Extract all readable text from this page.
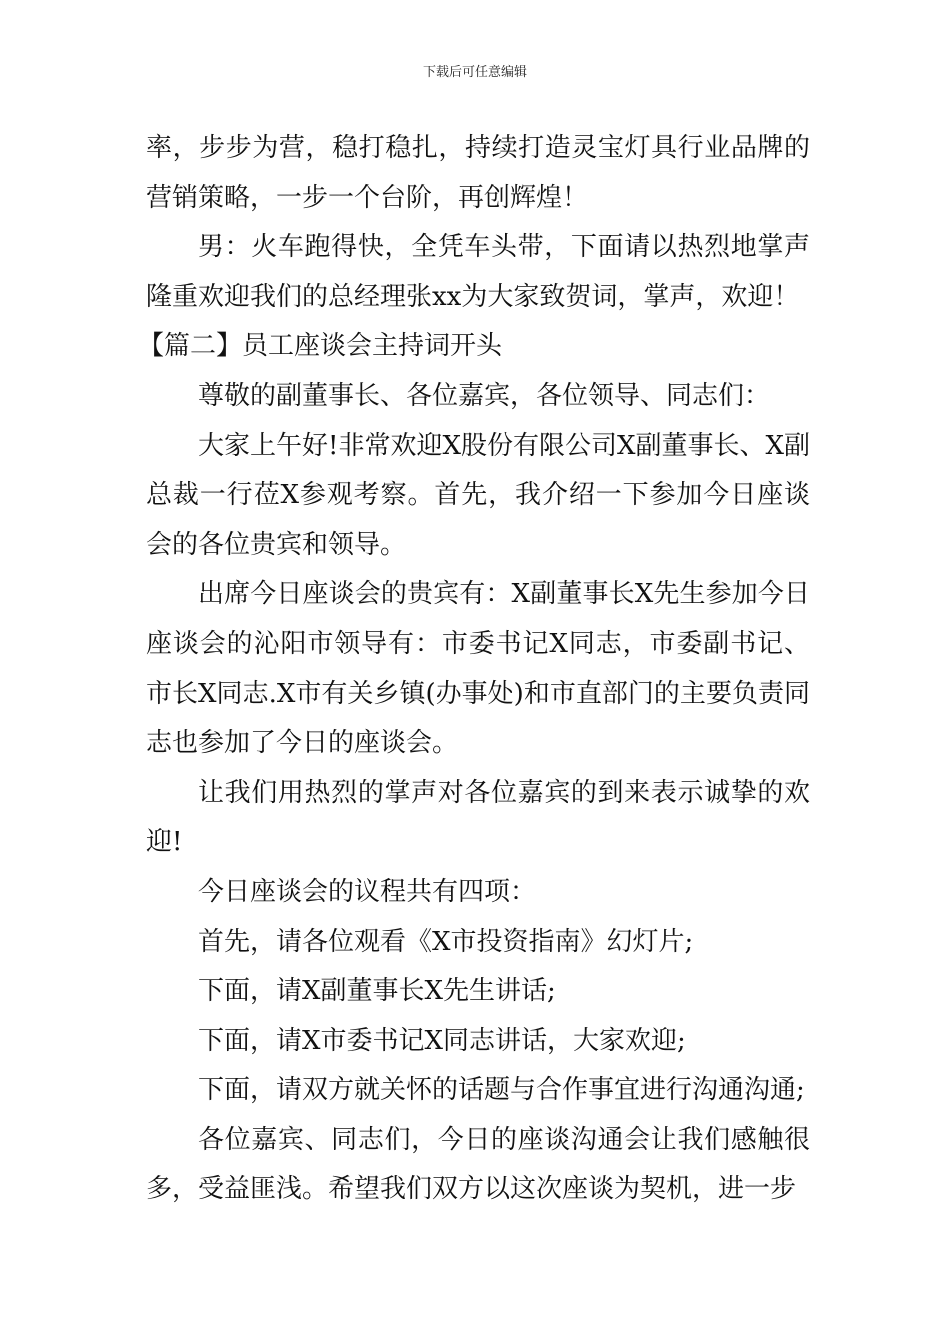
下载后可任意编辑

率，步步为营，稳打稳扎，持续打造灵宝灯具行业品牌的营销策略，一步一个台阶，再创辉煌！

男：火车跑得快，全凭车头带，下面请以热烈地掌声隆重欢迎我们的总经理张xx为大家致贺词，掌声，欢迎！

【篇二】员工座谈会主持词开头

尊敬的副董事长、各位嘉宾，各位领导、同志们：

大家上午好!非常欢迎X股份有限公司X副董事长、X副总裁一行莅X参观考察。首先，我介绍一下参加今日座谈会的各位贵宾和领导。

出席今日座谈会的贵宾有：X副董事长X先生参加今日座谈会的沁阳市领导有：市委书记X同志，市委副书记、市长X同志.X市有关乡镇(办事处)和市直部门的主要负责同志也参加了今日的座谈会。

让我们用热烈的掌声对各位嘉宾的到来表示诚挚的欢迎!

今日座谈会的议程共有四项：

首先，请各位观看《X市投资指南》幻灯片;

下面，请X副董事长X先生讲话;

下面，请X市委书记X同志讲话，大家欢迎;

下面，请双方就关怀的话题与合作事宜进行沟通沟通;

各位嘉宾、同志们，今日的座谈沟通会让我们感触很多，受益匪浅。希望我们双方以这次座谈为契机，进一步
